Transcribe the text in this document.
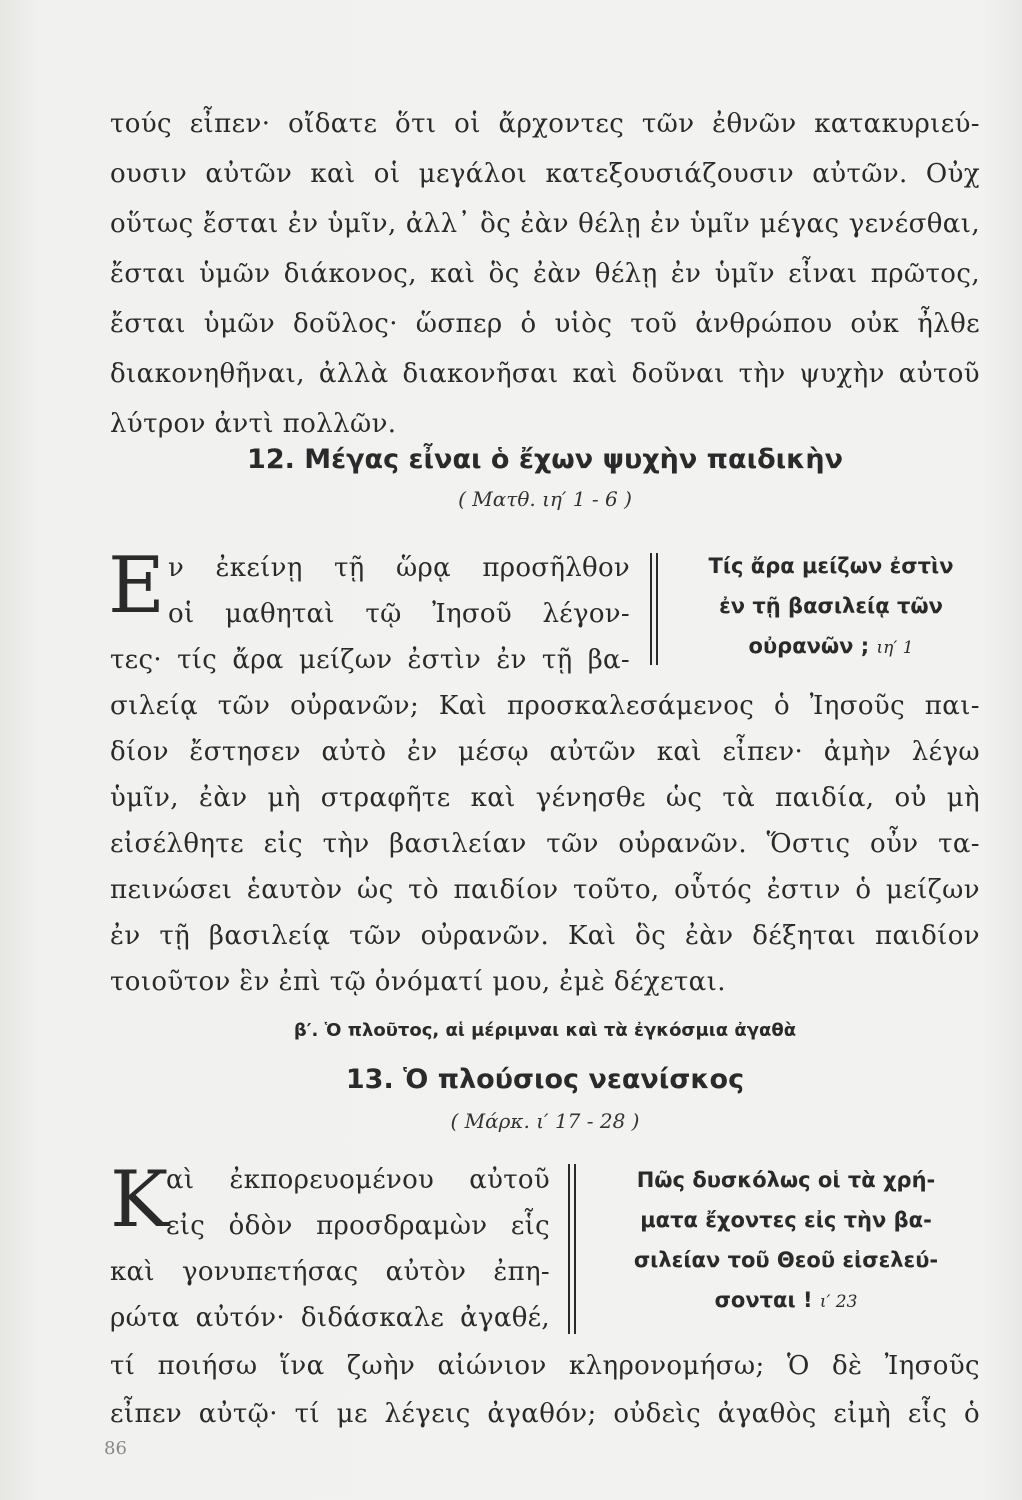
τούς εἶπεν· οἴδατε ὅτι οἱ ἄρχοντες τῶν ἐθνῶν κατακυριεύ-
ουσιν αὐτῶν καὶ οἱ μεγάλοι κατεξουσιάζουσιν αὐτῶν. Οὐχ
οὕτως ἔσται ἐν ὑμῖν, ἀλλ᾽ ὃς ἐὰν θέλῃ ἐν ὑμῖν μέγας γενέσθαι,
ἔσται ὑμῶν διάκονος, καὶ ὃς ἐὰν θέλῃ ἐν ὑμῖν εἶναι πρῶτος,
ἔσται ὑμῶν δοῦλος· ὥσπερ ὁ υἱὸς τοῦ ἀνθρώπου οὐκ ἦλθε
διακονηθῆναι, ἀλλὰ διακονῆσαι καὶ δοῦναι τὴν ψυχὴν αὐτοῦ
λύτρον ἀντὶ πολλῶν.
12. Μέγας εἶναι ὁ ἔχων ψυχὴν παιδικὴν
( Ματθ. ιη′ 1 - 6 )
Ε ν ἐκείνῃ τῇ ὥρᾳ προσῆλθον
οἱ μαθηταὶ τῷ Ἰησοῦ λέγον-
τες· τίς ἄρα μείζων ἐστὶν ἐν τῇ βα-
Τίς ἄρα μείζων ἐστὶν
ἐν τῇ βασιλείᾳ τῶν
οὐρανῶν ; ιη′ 1
σιλείᾳ τῶν οὐρανῶν; Καὶ προσκαλεσάμενος ὁ Ἰησοῦς παι-
δίον ἔστησεν αὐτὸ ἐν μέσῳ αὐτῶν καὶ εἶπεν· ἀμὴν λέγω
ὑμῖν, ἐὰν μὴ στραφῆτε καὶ γένησθε ὡς τὰ παιδία, οὐ μὴ
εἰσέλθητε εἰς τὴν βασιλείαν τῶν οὐρανῶν. Ὅστις οὖν τα-
πεινώσει ἑαυτὸν ὡς τὸ παιδίον τοῦτο, οὗτός ἐστιν ὁ μείζων
ἐν τῇ βασιλείᾳ τῶν οὐρανῶν. Καὶ ὃς ἐὰν δέξηται παιδίον
τοιοῦτον ἓν ἐπὶ τῷ ὀνόματί μου, ἐμὲ δέχεται.
β′. Ὁ πλοῦτος, αἱ μέριμναι καὶ τὰ ἐγκόσμια ἀγαθὰ
13. Ὁ πλούσιος νεανίσκος
( Μάρκ. ι′ 17 - 28 )
Κ
αὶ ἐκπορευομένου αὐτοῦ
εἰς ὁδὸν προσδραμὼν εἷς
καὶ γονυπετήσας αὐτὸν ἐπη-
ρώτα αὐτόν· διδάσκαλε ἀγαθέ,
Πῶς δυσκόλως οἱ τὰ χρή-
ματα ἔχοντες εἰς τὴν βα-
σιλείαν τοῦ Θεοῦ εἰσελεύ-
σονται ! ι′ 23
τί ποιήσω ἵνα ζωὴν αἰώνιον κληρονομήσω; Ὁ δὲ Ἰησοῦς
εἶπεν αὐτῷ· τί με λέγεις ἀγαθόν; οὐδεὶς ἀγαθὸς εἰμὴ εἷς ὁ
86
